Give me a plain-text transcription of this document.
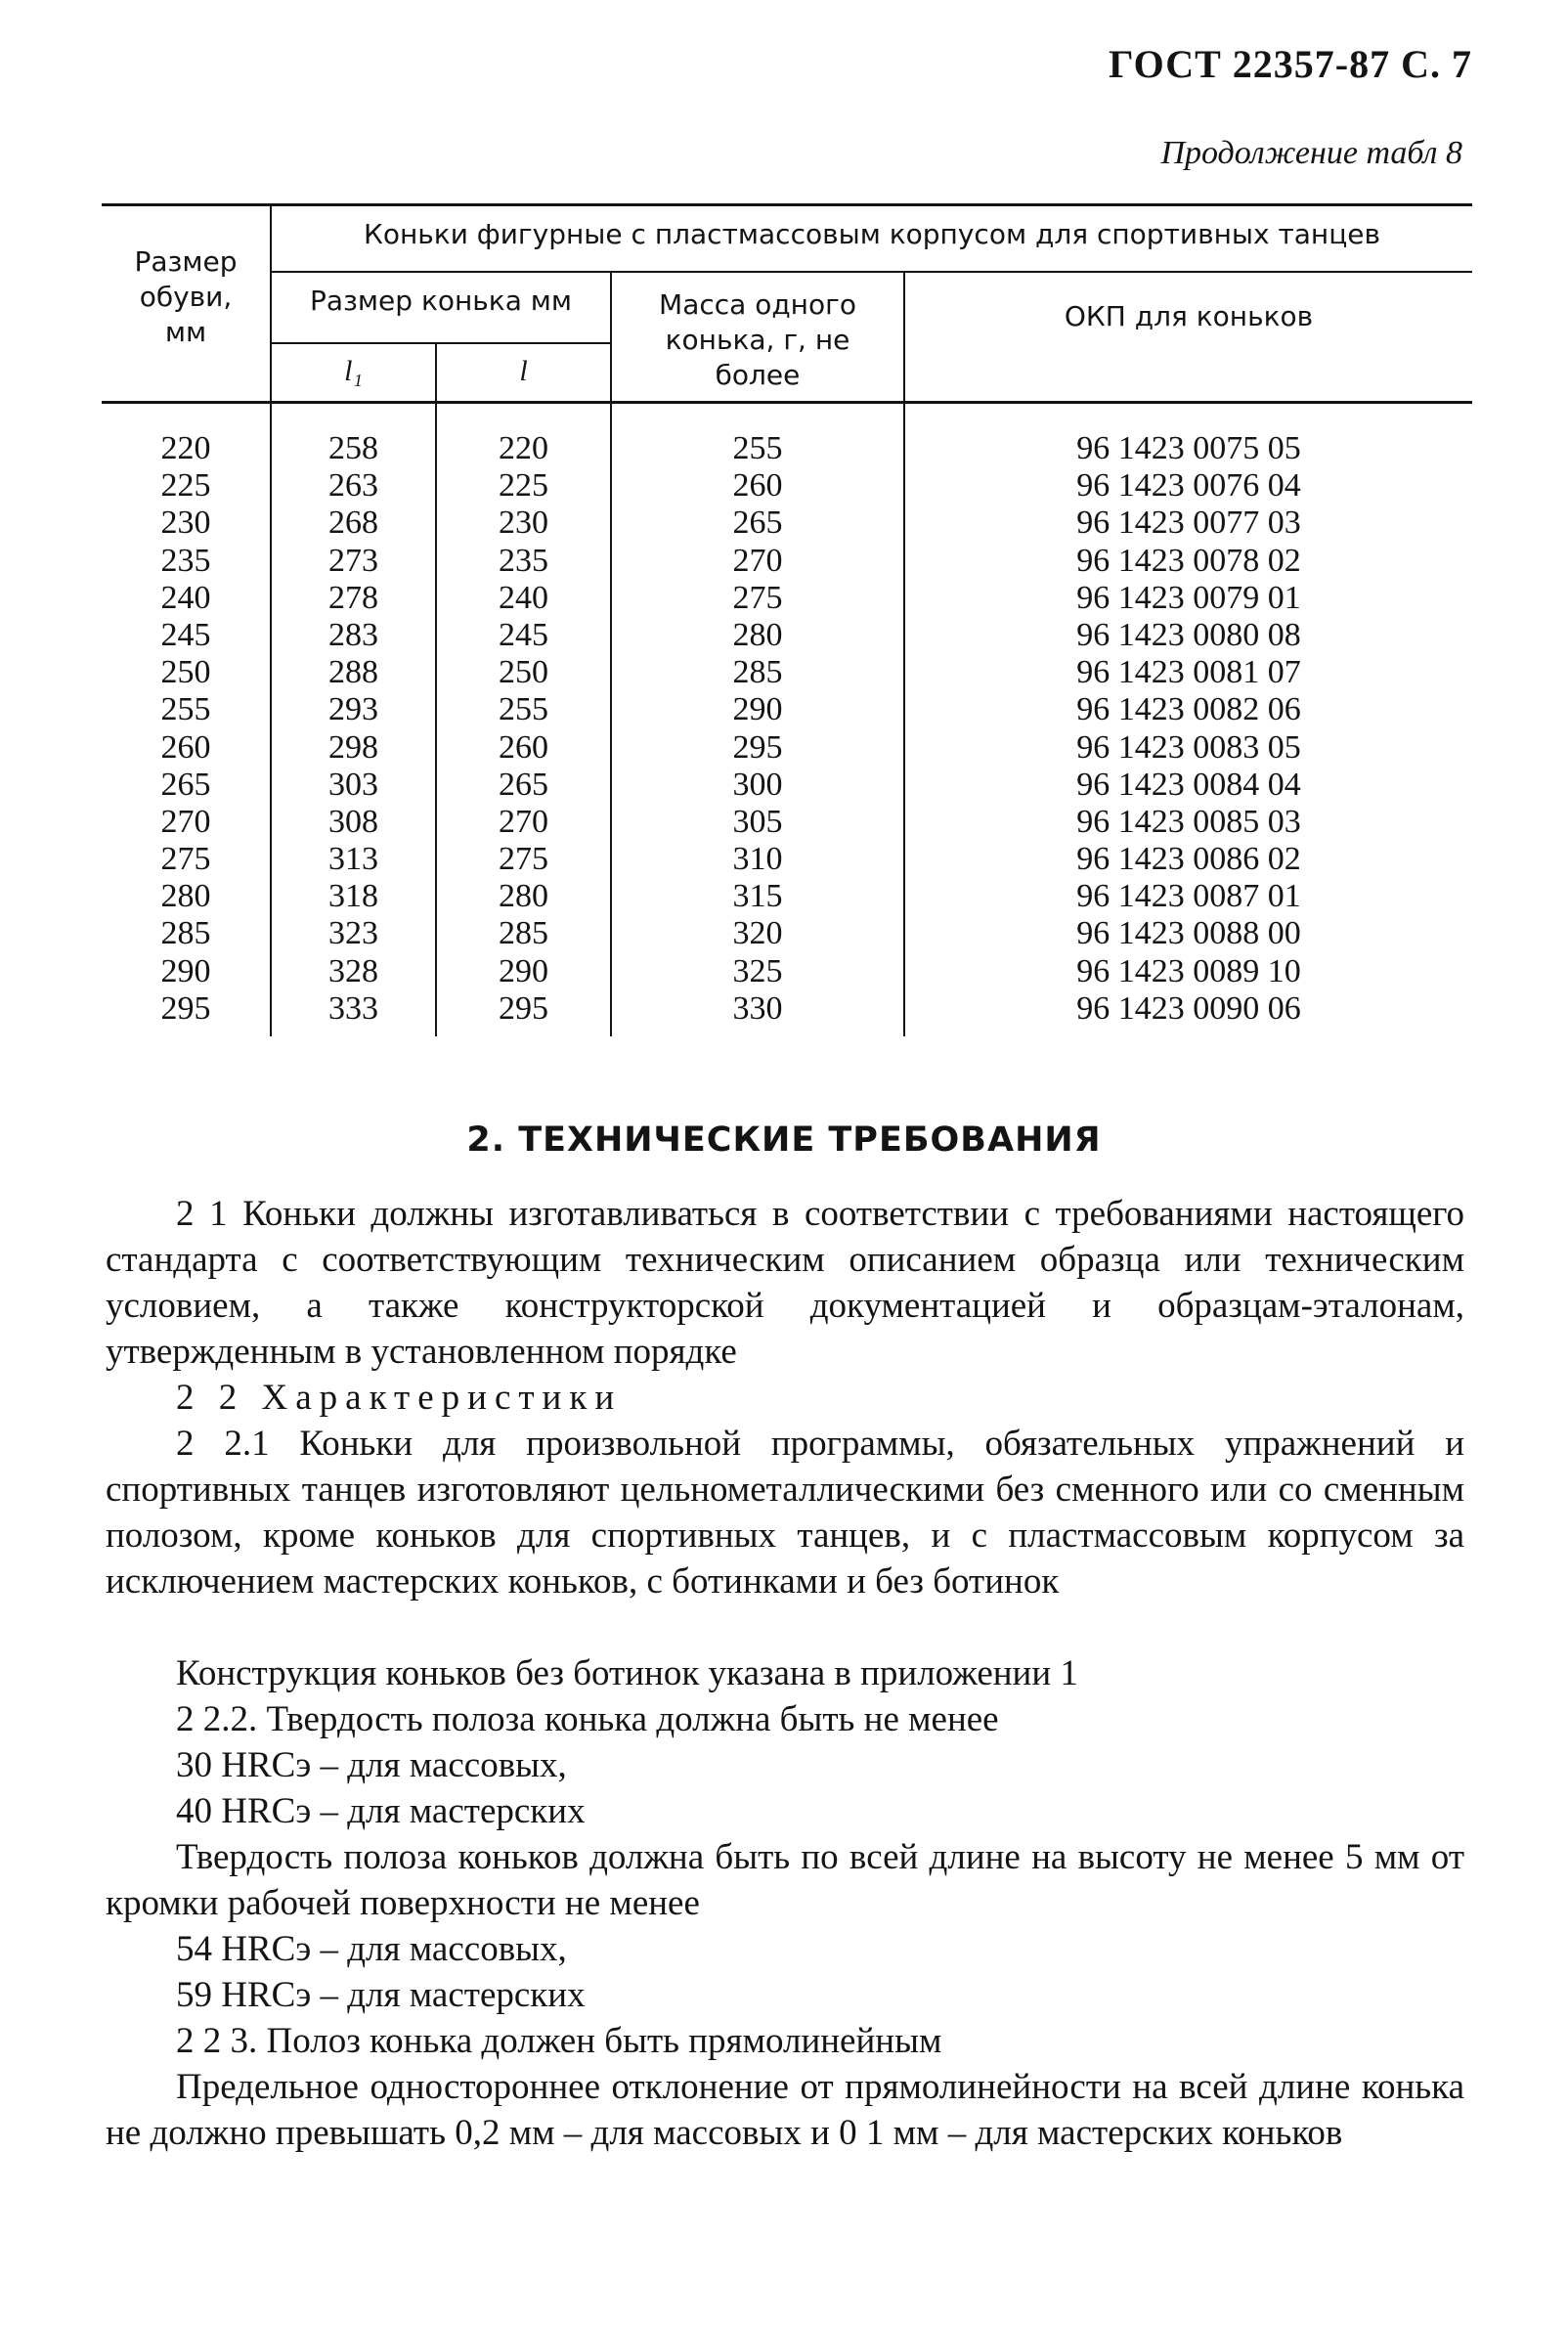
ГОСТ 22357-87 С. 7
Продолжение табл 8
Размер
обуви,
мм
Коньки фигурные с пластмассовым корпусом для спортивных танцев
Размер конька мм
l₁	l
Масса одного
конька, г, не
более
ОКП для коньков
220
225
230
235
240
245
250
255
260
265
270
275
280
285
290
295
258
263
268
273
278
283
288
293
298
303
308
313
318
323
328
333
220
225
230
235
240
245
250
255
260
265
270
275
280
285
290
295
255
260
265
270
275
280
285
290
295
300
305
310
315
320
325
330
96 1423 0075 05
96 1423 0076 04
96 1423 0077 03
96 1423 0078 02
96 1423 0079 01
96 1423 0080 08
96 1423 0081 07
96 1423 0082 06
96 1423 0083 05
96 1423 0084 04
96 1423 0085 03
96 1423 0086 02
96 1423 0087 01
96 1423 0088 00
96 1423 0089 10
96 1423 0090 06
2. ТЕХНИЧЕСКИЕ ТРЕБОВАНИЯ

2 1 Коньки должны изготавливаться в соответствии с требованиями настоящего стандарта с соответствующим техническим описанием образца или техническим условием, а также конструкторской документацией и образцам-эталонам, утвержденным в установленном порядке

2 2 Характеристики

2 2.1 Коньки для произвольной программы, обязательных упражнений и спортивных танцев изготовляют цельнометаллическими без сменного или со сменным полозом, кроме коньков для спортивных танцев, и с пластмассовым корпусом за исключением мастерских коньков, с ботинками и без ботинок

Конструкция коньков без ботинок указана в приложении 1

2 2.2. Твердость полоза конька должна быть не менее

30 HRCэ – для массовых,

40 HRCэ – для мастерских

Твердость полоза коньков должна быть по всей длине на высоту не менее 5 мм от кромки рабочей поверхности не менее

54 HRCэ – для массовых,

59 HRCэ – для мастерских

2 2 3. Полоз конька должен быть прямолинейным

Предельное одностороннее отклонение от прямолинейности на всей длине конька не должно превышать 0,2 мм – для массовых и 0 1 мм – для мастерских коньков
